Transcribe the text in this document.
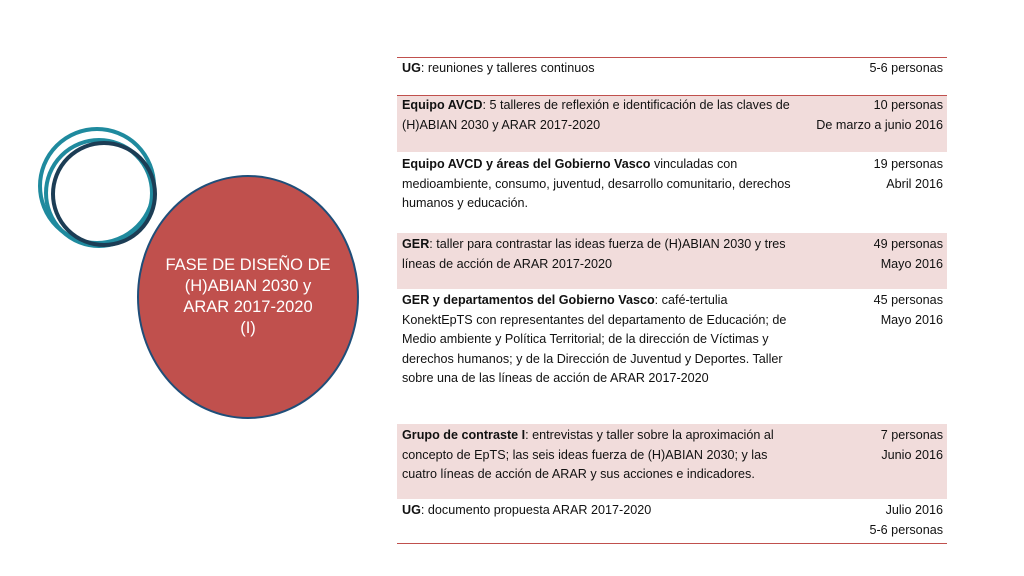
FASE DE DISEÑO DE
(H)ABIAN 2030 y
ARAR 2017-2020
(I)
UG: reuniones y talleres continuos	5-6 personas
Equipo AVCD: 5 talleres de reflexión e identificación de las claves de (H)ABIAN 2030 y ARAR 2017-2020
10 personas
De marzo a junio 2016
Equipo AVCD y áreas del Gobierno Vasco vinculadas con medioambiente, consumo, juventud, desarrollo comunitario, derechos humanos y educación.
19 personas
Abril 2016
GER: taller para contrastar las ideas fuerza de (H)ABIAN 2030 y tres líneas de acción de ARAR 2017-2020
49 personas
Mayo 2016
GER y departamentos del Gobierno Vasco: café-tertulia KonektEpTS con representantes del departamento de Educación; de Medio ambiente y Política Territorial; de la dirección de Víctimas y derechos humanos; y de la Dirección de Juventud y Deportes. Taller sobre una de las líneas de acción de ARAR 2017-2020
45 personas
Mayo 2016
Grupo de contraste I: entrevistas y taller sobre la aproximación al concepto de EpTS; las seis ideas fuerza de (H)ABIAN 2030; y las cuatro líneas de acción de ARAR y sus acciones e indicadores.
7 personas
Junio 2016
UG: documento propuesta ARAR 2017-2020	Julio 2016
5-6 personas
